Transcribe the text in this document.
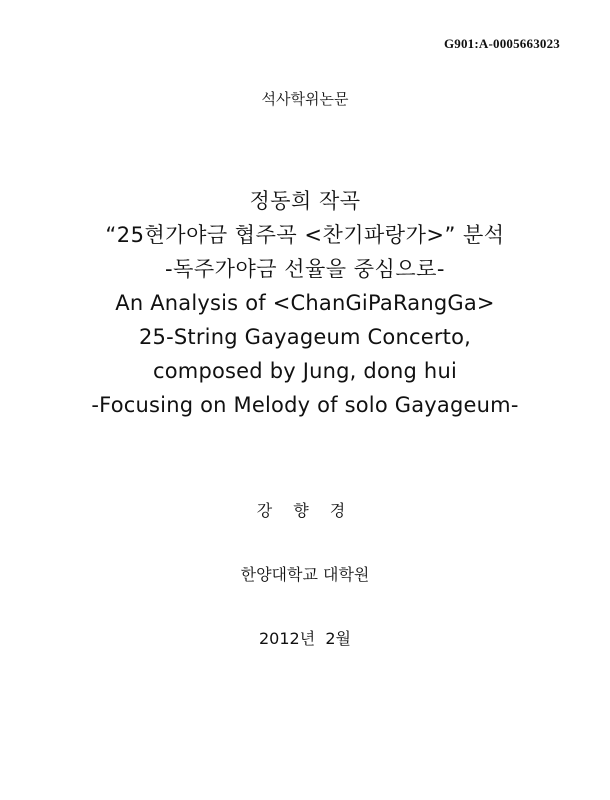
G901:A-0005663023
석사학위논문
정동희 작곡
“25현가야금 협주곡 <찬기파랑가>” 분석
-독주가야금 선율을 중심으로-
An Analysis of <ChanGiPaRangGa>
25-String Gayageum Concerto,
composed by Jung, dong hui
-Focusing on Melody of solo Gayageum-
강 향 경
한양대학교 대학원
2012년  2월
